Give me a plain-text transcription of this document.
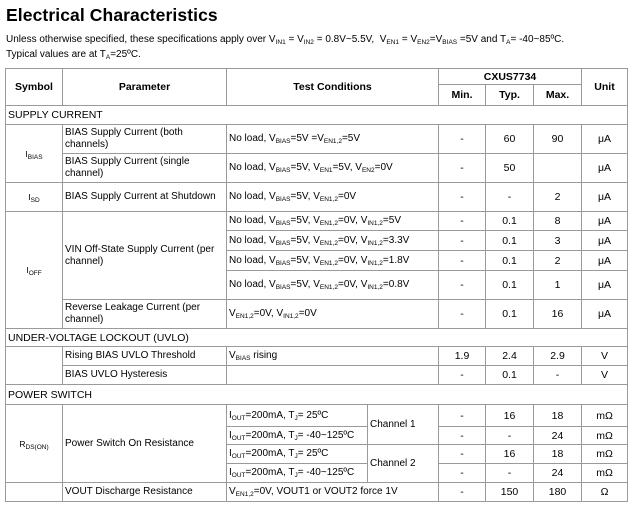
Electrical Characteristics
Unless otherwise specified, these specifications apply over $V_{IN1} = V_{IN2}$ = 0.8V~5.5V,  $V_{EN1} = V_{EN2}=V_{BIAS} =5V$ and $T_A=$ -40~85ºC.
Typical values are at $T_A=25ºC$.
Symbol	Parameter	Test Conditions		CXUS7734			Unit
				Min.	Typ.	Max.	
SUPPLY CURRENT							
$I_{BIAS}$	BIAS Supply Current (both channels)	No load, $V_{BIAS}=5V =V_{EN1,2}=5V$		-	60	90	μA
	BIAS Supply Current (single channel)	No load, $V_{BIAS}=5V$, $V_{EN1}=5V$, $V_{EN2}=0V$		-	50		μA
$I_{SD}$	BIAS Supply Current at Shutdown	No load, $V_{BIAS}=5V$, $V_{EN1,2}=0V$		-	-	2	μA
$I_{OFF}$	VIN Off-State Supply Current (per channel)	No load, $V_{BIAS}=5V$, $V_{EN1,2}=0V$, $V_{IN1,2}=5V$		-	0.1	8	μA
		No load, $V_{BIAS}=5V$, $V_{EN1,2}=0V$, $V_{IN1,2}=3.3V$		-	0.1	3	μA
		No load, $V_{BIAS}=5V$, $V_{EN1,2}=0V$, $V_{IN1,2}=1.8V$		-	0.1	2	μA
		No load, $V_{BIAS}=5V$, $V_{EN1,2}=0V$, $V_{IN1,2}=0.8V$		-	0.1	1	μA
	Reverse Leakage Current (per channel)	$V_{EN1,2}=0V$, $V_{IN1,2}=0V$		-	0.1	16	μA
UNDER-VOLTAGE LOCKOUT (UVLO)							
	Rising BIAS UVLO Threshold	$V_{BIAS}$ rising		1.9	2.4	2.9	V
	BIAS UVLO Hysteresis			-	0.1	-	V
POWER SWITCH							
$R_{DS(ON)}$	Power Switch On Resistance	$I_{OUT}=200mA$, $T_J=$ 25ºC	Channel 1	-	16	18	mΩ
		$I_{OUT}=200mA$, $T_J=$ -40~125ºC		-	-	24	mΩ
		$I_{OUT}=200mA$, $T_J=$ 25ºC	Channel 2	-	16	18	mΩ
		$I_{OUT}=200mA$, $T_J=$ -40~125ºC		-	-	24	mΩ
	VOUT Discharge Resistance	$V_{EN1,2}=0V$, VOUT1 or VOUT2 force 1V		-	150	180	Ω
